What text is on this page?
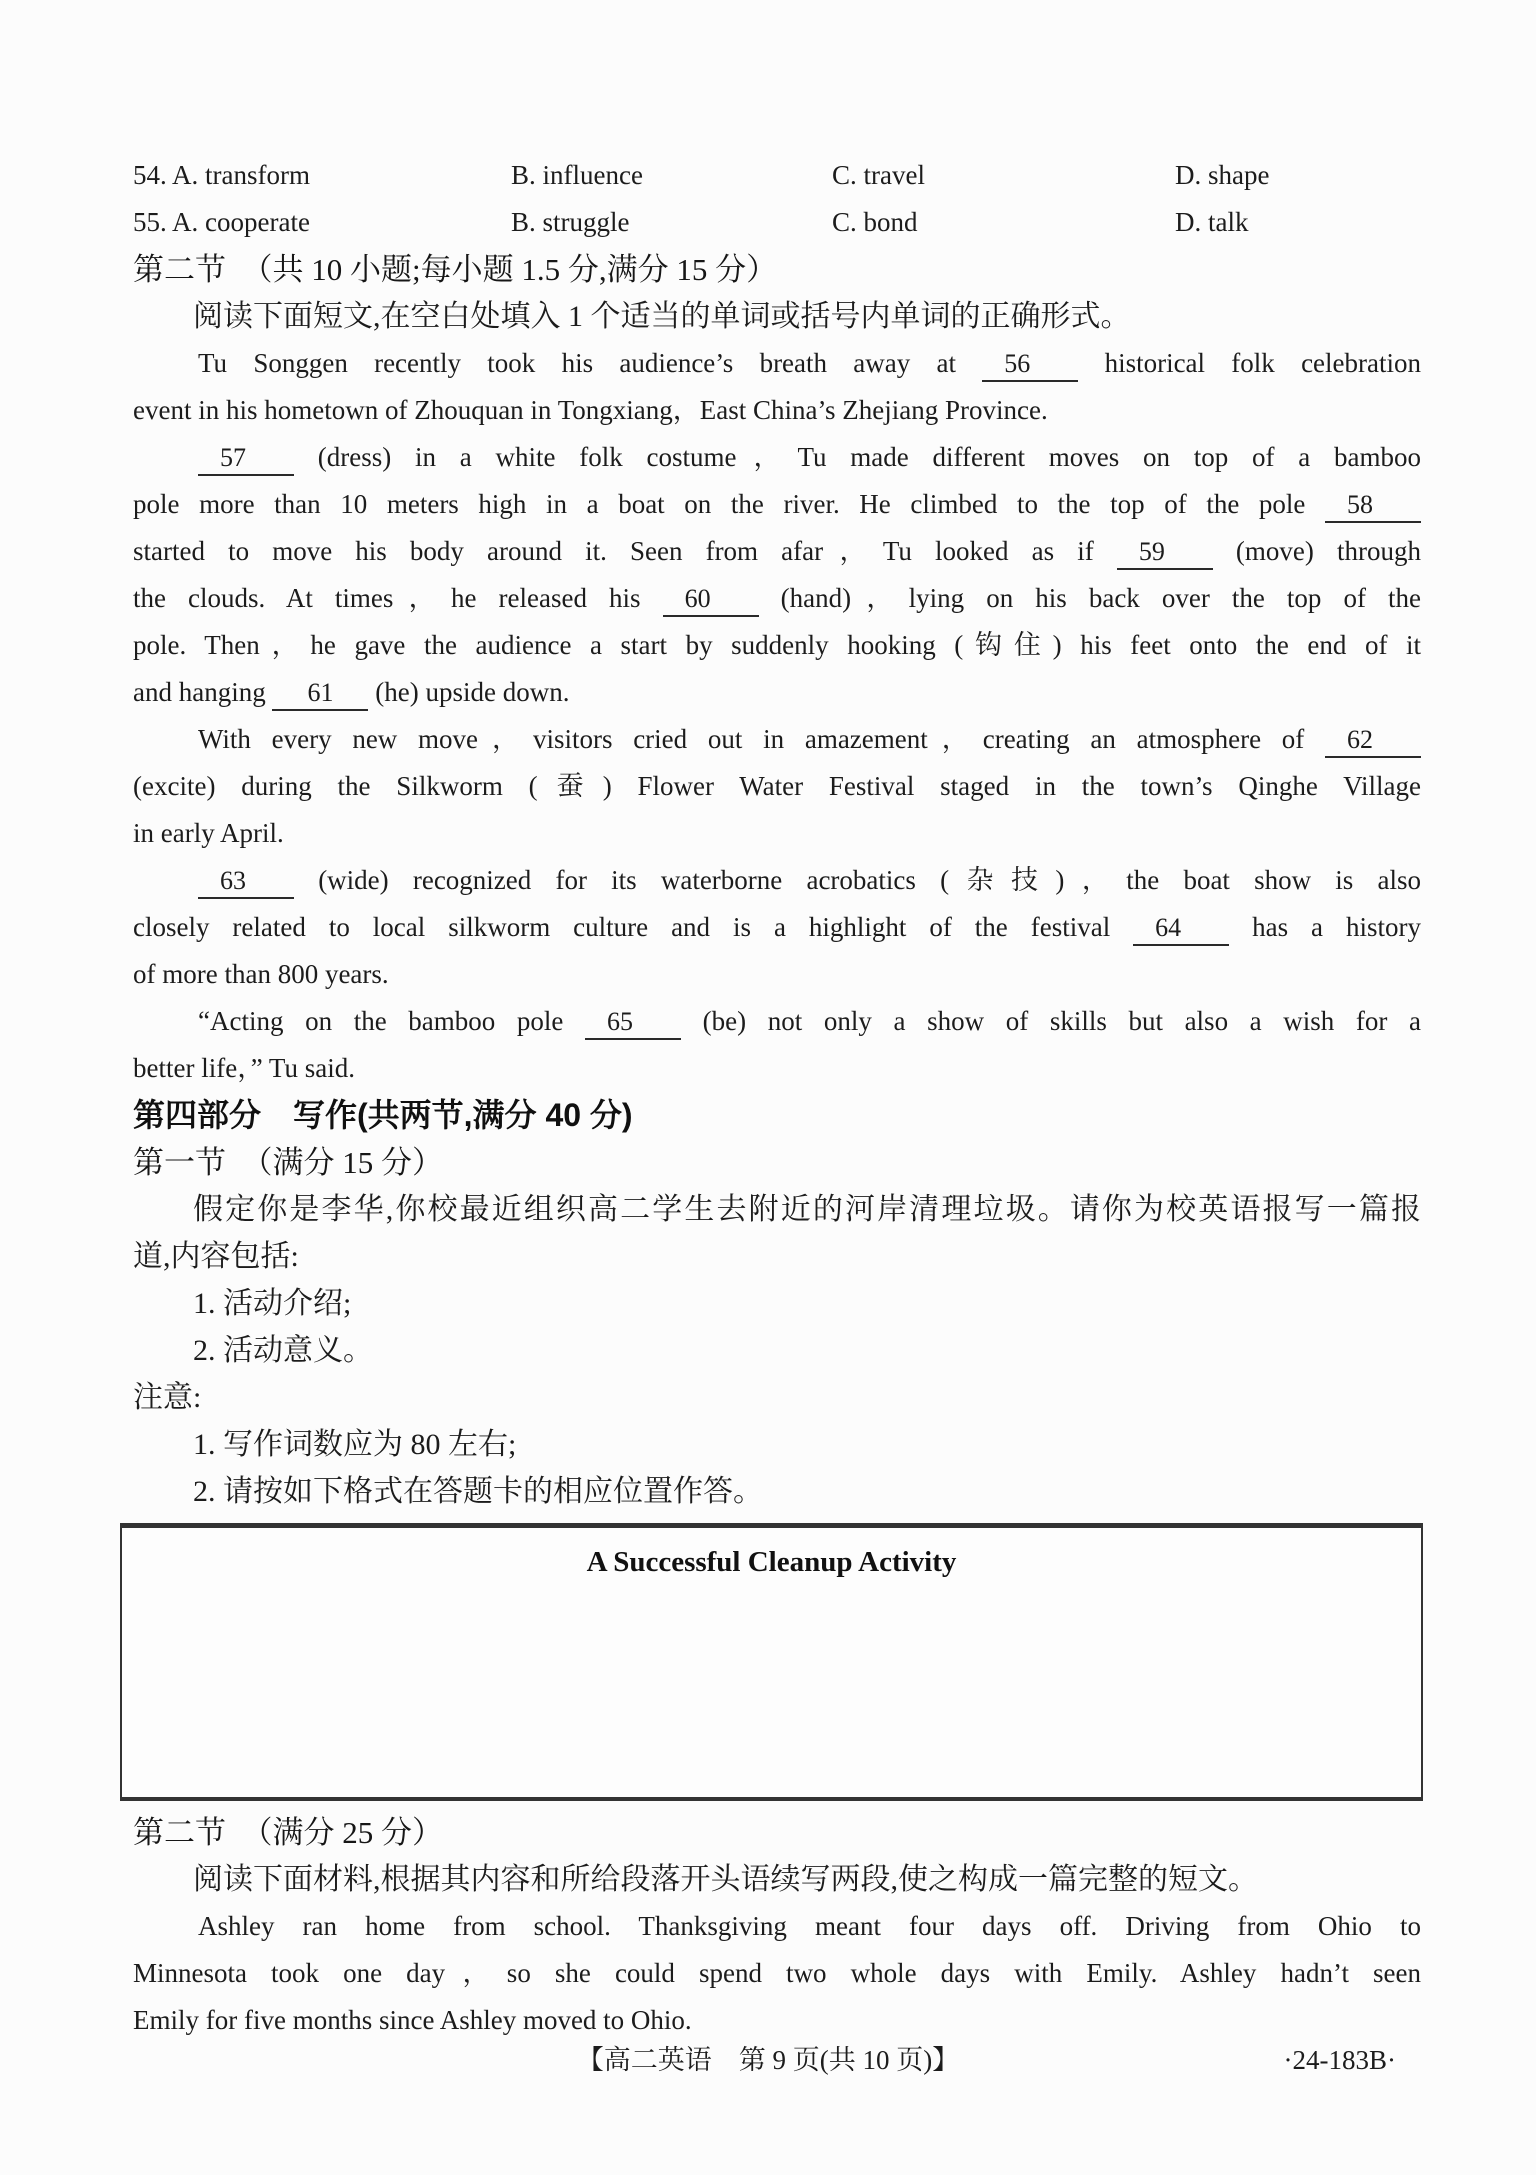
54. A. transform	B. influence	C. travel	D. shape
55. A. cooperate	B. struggle	C. bond	D. talk
第二节　（共 10 小题;每小题 1.5 分,满分 15 分）
阅读下面短文,在空白处填入 1 个适当的单词或括号内单词的正确形式。
Tu Songgen recently took his audience’s breath away at 56 historical folk celebration
event in his hometown of Zhouquan in Tongxiang，East China’s Zhejiang Province.
57 (dress) in a white folk costume，Tu made different moves on top of a bamboo
pole more than 10 meters high in a boat on the river. He climbed to the top of the pole 58
started to move his body around it. Seen from afar，Tu looked as if 59 (move) through
the clouds. At times，he released his 60 (hand)，lying on his back over the top of the
pole. Then，he gave the audience a start by suddenly hooking (钩住) his feet onto the end of it
and hanging 61 (he) upside down.
With every new move，visitors cried out in amazement，creating an atmosphere of 62
(excite) during the Silkworm (蚕) Flower Water Festival staged in the town’s Qinghe Village
in early April.
63 (wide) recognized for its waterborne acrobatics (杂技)，the boat show is also
closely related to local silkworm culture and is a highlight of the festival 64 has a history
of more than 800 years.
“Acting on the bamboo pole 65 (be) not only a show of skills but also a wish for a
better life，” Tu said.
第四部分　写作(共两节,满分 40 分)
第一节　（满分 15 分）
假定你是李华,你校最近组织高二学生去附近的河岸清理垃圾。请你为校英语报写一篇报
道,内容包括:
1. 活动介绍;
2. 活动意义。
注意:
1. 写作词数应为 80 左右;
2. 请按如下格式在答题卡的相应位置作答。
A Successful Cleanup Activity
第二节　（满分 25 分）
阅读下面材料,根据其内容和所给段落开头语续写两段,使之构成一篇完整的短文。
Ashley ran home from school. Thanksgiving meant four days off. Driving from Ohio to
Minnesota took one day，so she could spend two whole days with Emily. Ashley hadn’t seen
Emily for five months since Ashley moved to Ohio.
【高二英语　第 9 页(共 10 页)】	·24-183B·
